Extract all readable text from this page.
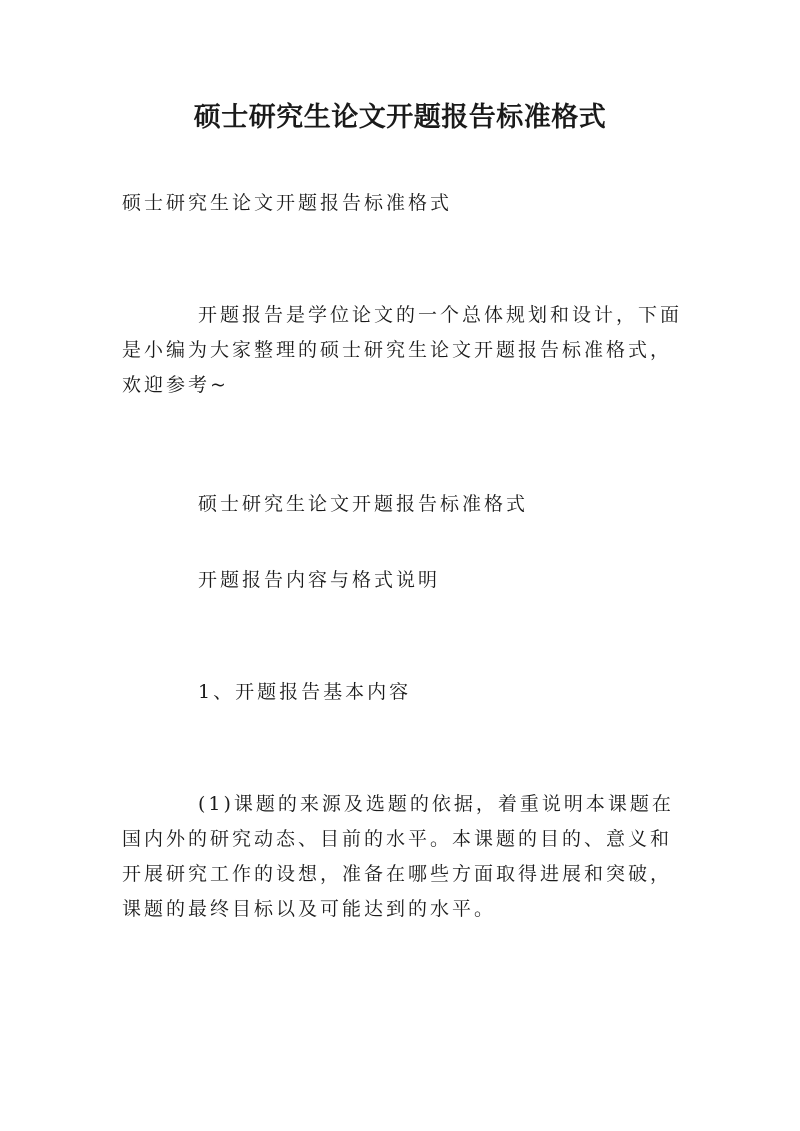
硕士研究生论文开题报告标准格式

硕士研究生论文开题报告标准格式

开题报告是学位论文的一个总体规划和设计，下面是小编为大家整理的硕士研究生论文开题报告标准格式，欢迎参考~

硕士研究生论文开题报告标准格式

开题报告内容与格式说明

1、开题报告基本内容

(1)课题的来源及选题的依据，着重说明本课题在国内外的研究动态、目前的水平。本课题的目的、意义和开展研究工作的设想，准备在哪些方面取得进展和突破，课题的最终目标以及可能达到的水平。
